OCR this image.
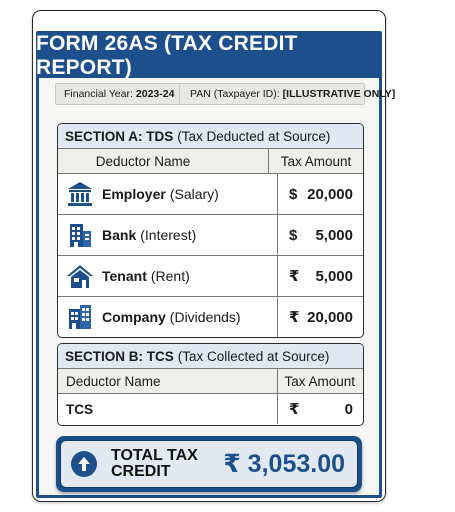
FORM 26AS (TAX CREDIT REPORT)
Financial Year: 2023-24 PAN (Taxpayer ID): [ILLUSTRATIVE ONLY]
SECTION A: TDS (Tax Deducted at Source)
Deductor Name	Tax Amount
Employer (Salary)	$ 20,000
Bank (Interest)	$ 5,000
Tenant (Rent)	₹ 5,000
Company (Dividends)	₹ 20,000
SECTION B: TCS (Tax Collected at Source)
Deductor Name	Tax Amount
TCS	₹	0
TOTAL TAX
CREDIT	₹ 3,053.00
